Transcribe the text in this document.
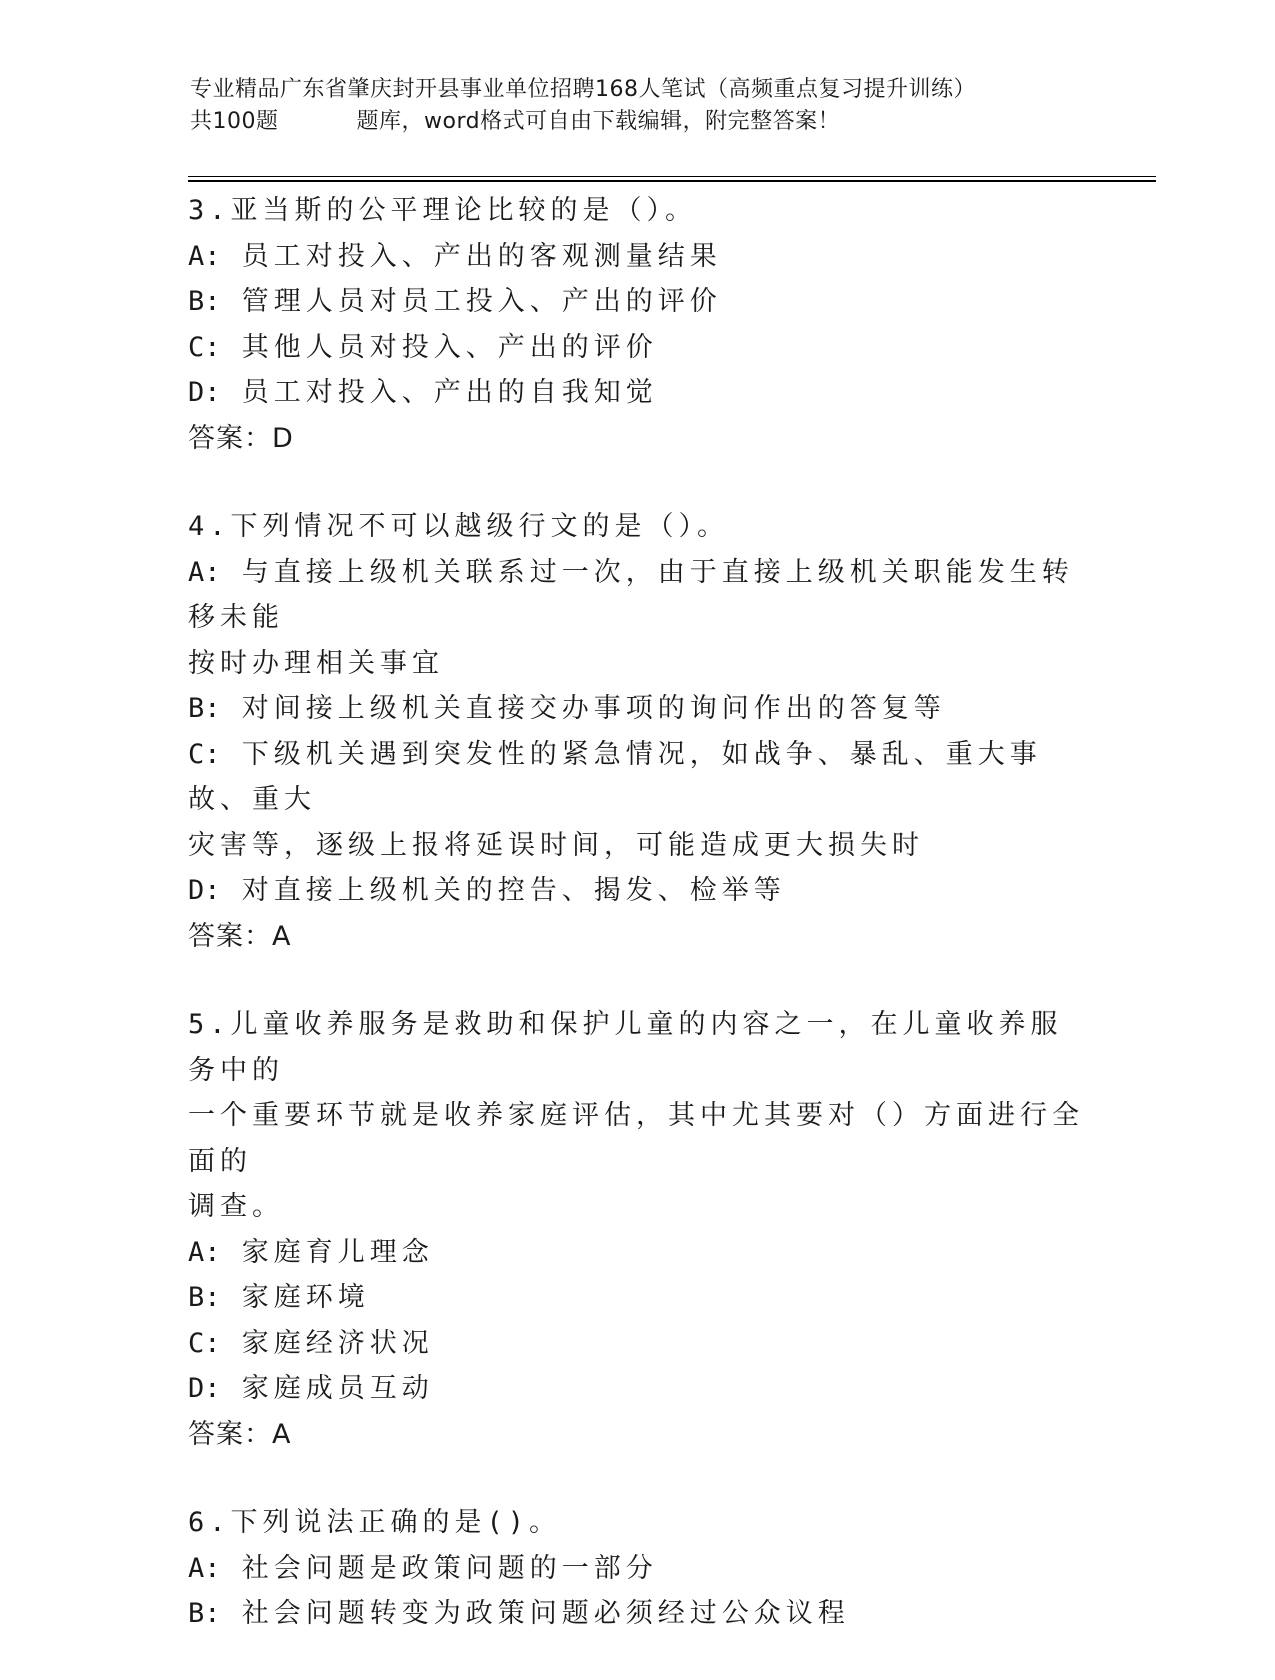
专业精品广东省肇庆封开县事业单位招聘168人笔试（高频重点复习提升训练）
共100题	题库，word格式可自由下载编辑，附完整答案！
3.亚当斯的公平理论比较的是（）。
A: 员工对投入、产出的客观测量结果
B: 管理人员对员工投入、产出的评价
C: 其他人员对投入、产出的评价
D: 员工对投入、产出的自我知觉
答案：D
4.下列情况不可以越级行文的是（）。
A: 与直接上级机关联系过一次，由于直接上级机关职能发生转移未能
按时办理相关事宜
B: 对间接上级机关直接交办事项的询问作出的答复等
C: 下级机关遇到突发性的紧急情况，如战争、暴乱、重大事故、重大
灾害等，逐级上报将延误时间，可能造成更大损失时
D: 对直接上级机关的控告、揭发、检举等
答案：A
5.儿童收养服务是救助和保护儿童的内容之一，在儿童收养服务中的
一个重要环节就是收养家庭评估，其中尤其要对（）方面进行全面的
调查。
A: 家庭育儿理念
B: 家庭环境
C: 家庭经济状况
D: 家庭成员互动
答案：A
6.下列说法正确的是()。
A: 社会问题是政策问题的一部分
B: 社会问题转变为政策问题必须经过公众议程
